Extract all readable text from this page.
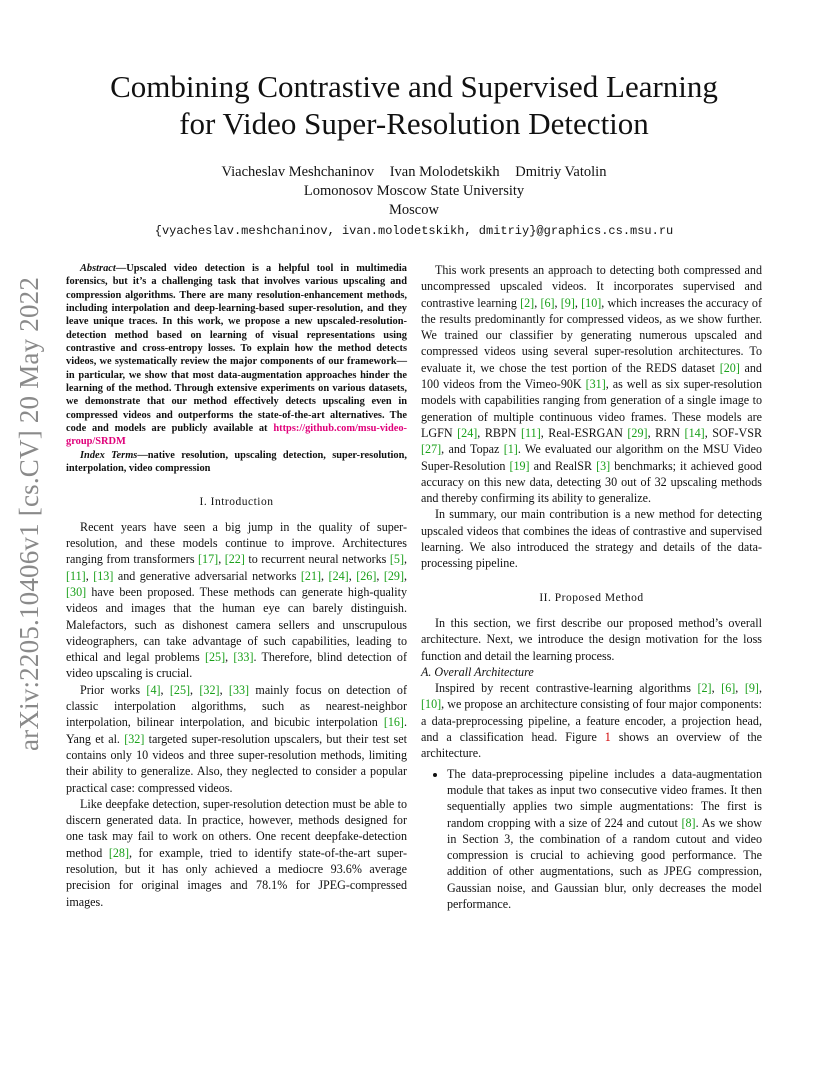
arXiv:2205.10406v1 [cs.CV] 20 May 2022
Combining Contrastive and Supervised Learning
for Video Super-Resolution Detection
Viacheslav Meshchaninov Ivan Molodetskikh Dmitriy Vatolin
Lomonosov Moscow State University
Moscow
{vyacheslav.meshchaninov, ivan.molodetskikh, dmitriy}@graphics.cs.msu.ru

Abstract—Upscaled video detection is a helpful tool in multimedia forensics, but it’s a challenging task that involves various upscaling and compression algorithms. There are many resolution-enhancement methods, including interpolation and deep-learning-based super-resolution, and they leave unique traces. In this work, we propose a new upscaled-resolution-detection method based on learning of visual representations using contrastive and cross-entropy losses. To explain how the method detects videos, we systematically review the major components of our framework—in particular, we show that most data-augmentation approaches hinder the learning of the method. Through extensive experiments on various datasets, we demonstrate that our method effectively detects upscaling even in compressed videos and outperforms the state-of-the-art alternatives. The code and models are publicly available at https://github.com/msu-video-group/SRDM

Index Terms—native resolution, upscaling detection, super-resolution, interpolation, video compression

I. Introduction

Recent years have seen a big jump in the quality of super-resolution, and these models continue to improve. Architectures ranging from transformers [17], [22] to recurrent neural networks [5], [11], [13] and generative adversarial networks [21], [24], [26], [29], [30] have been proposed. These methods can generate high-quality videos and images that the human eye can barely distinguish. Malefactors, such as dishonest camera sellers and unscrupulous videographers, can take advantage of such capabilities, leading to ethical and legal problems [25], [33]. Therefore, blind detection of video upscaling is crucial.

Prior works [4], [25], [32], [33] mainly focus on detection of classic interpolation algorithms, such as nearest-neighbor interpolation, bilinear interpolation, and bicubic interpolation [16]. Yang et al. [32] targeted super-resolution upscalers, but their test set contains only 10 videos and three super-resolution methods, limiting their ability to generalize. Also, they neglected to consider a popular practical case: compressed videos.

Like deepfake detection, super-resolution detection must be able to discern generated data. In practice, however, methods designed for one task may fail to work on others. One recent deepfake-detection method [28], for example, tried to identify state-of-the-art super-resolution, but it has only achieved a mediocre 93.6% average precision for original images and 78.1% for JPEG-compressed images.

This work presents an approach to detecting both compressed and uncompressed upscaled videos. It incorporates supervised and contrastive learning [2], [6], [9], [10], which increases the accuracy of the results predominantly for compressed videos, as we show further. We trained our classifier by generating numerous upscaled and compressed videos using several super-resolution architectures. To evaluate it, we chose the test portion of the REDS dataset [20] and 100 videos from the Vimeo-90K [31], as well as six super-resolution models with capabilities ranging from generation of a single image to generation of multiple continuous video frames. These models are LGFN [24], RBPN [11], Real-ESRGAN [29], RRN [14], SOF-VSR [27], and Topaz [1]. We evaluated our algorithm on the MSU Video Super-Resolution [19] and RealSR [3] benchmarks; it achieved good accuracy on this new data, detecting 30 out of 32 upscaling methods and thereby confirming its ability to generalize.

In summary, our main contribution is a new method for detecting upscaled videos that combines the ideas of contrastive and supervised learning. We also introduced the strategy and details of the data-processing pipeline.

II. Proposed Method

In this section, we first describe our proposed method’s overall architecture. Next, we introduce the design motivation for the loss function and detail the learning process.

A. Overall Architecture

Inspired by recent contrastive-learning algorithms [2], [6], [9], [10], we propose an architecture consisting of four major components: a data-preprocessing pipeline, a feature encoder, a projection head, and a classification head. Figure 1 shows an overview of the architecture.

• The data-preprocessing pipeline includes a data-augmentation module that takes as input two consecutive video frames. It then sequentially applies two simple augmentations: The first is random cropping with a size of 224 and cutout [8]. As we show in Section 3, the combination of a random cutout and video compression is crucial to achieving good performance. The addition of other augmentations, such as JPEG compression, Gaussian noise, and Gaussian blur, only decreases the model performance.
